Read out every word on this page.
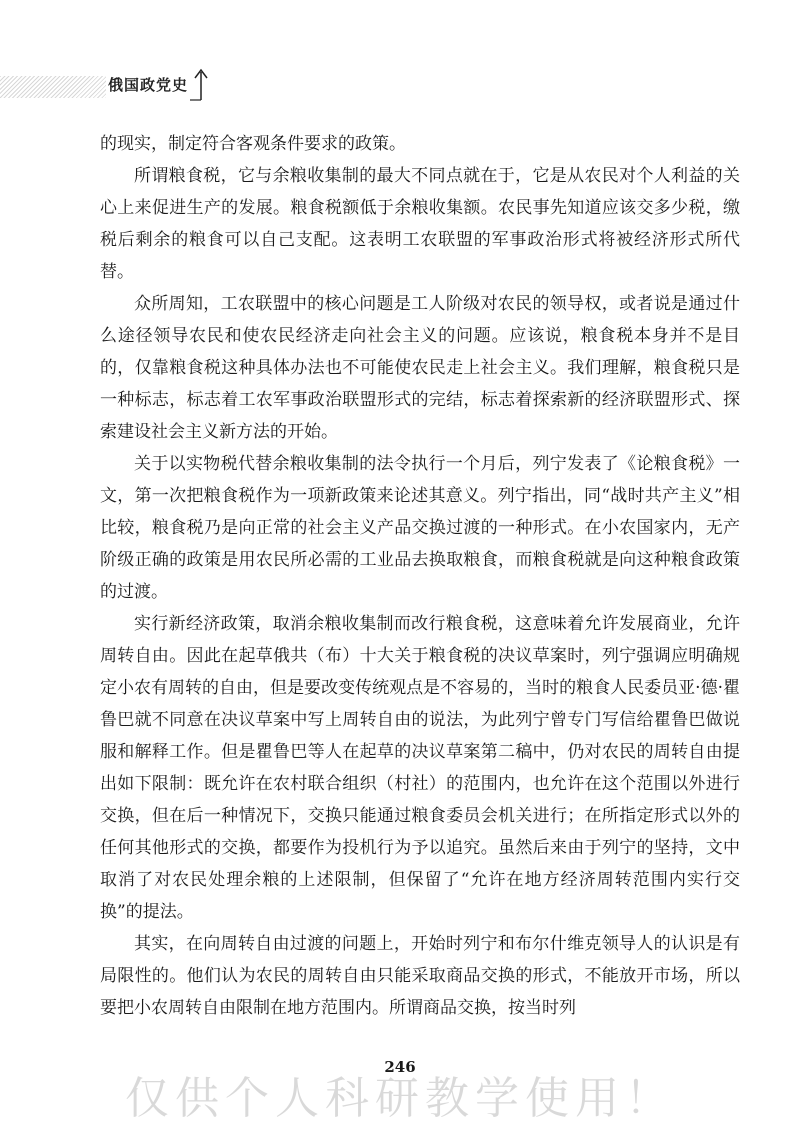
俄国政党史

的现实，制定符合客观条件要求的政策。

所谓粮食税，它与余粮收集制的最大不同点就在于，它是从农民对个人利益的关心上来促进生产的发展。粮食税额低于余粮收集额。农民事先知道应该交多少税，缴税后剩余的粮食可以自己支配。这表明工农联盟的军事政治形式将被经济形式所代替。

众所周知，工农联盟中的核心问题是工人阶级对农民的领导权，或者说是通过什么途径领导农民和使农民经济走向社会主义的问题。应该说，粮食税本身并不是目的，仅靠粮食税这种具体办法也不可能使农民走上社会主义。我们理解，粮食税只是一种标志，标志着工农军事政治联盟形式的完结，标志着探索新的经济联盟形式、探索建设社会主义新方法的开始。

关于以实物税代替余粮收集制的法令执行一个月后，列宁发表了《论粮食税》一文，第一次把粮食税作为一项新政策来论述其意义。列宁指出，同“战时共产主义”相比较，粮食税乃是向正常的社会主义产品交换过渡的一种形式。在小农国家内，无产阶级正确的政策是用农民所必需的工业品去换取粮食，而粮食税就是向这种粮食政策的过渡。

实行新经济政策，取消余粮收集制而改行粮食税，这意味着允许发展商业，允许周转自由。因此在起草俄共（布）十大关于粮食税的决议草案时，列宁强调应明确规定小农有周转的自由，但是要改变传统观点是不容易的，当时的粮食人民委员亚·德·瞿鲁巴就不同意在决议草案中写上周转自由的说法，为此列宁曾专门写信给瞿鲁巴做说服和解释工作。但是瞿鲁巴等人在起草的决议草案第二稿中，仍对农民的周转自由提出如下限制：既允许在农村联合组织（村社）的范围内，也允许在这个范围以外进行交换，但在后一种情况下，交换只能通过粮食委员会机关进行；在所指定形式以外的任何其他形式的交换，都要作为投机行为予以追究。虽然后来由于列宁的坚持，文中取消了对农民处理余粮的上述限制，但保留了“允许在地方经济周转范围内实行交换”的提法。

其实，在向周转自由过渡的问题上，开始时列宁和布尔什维克领导人的认识是有局限性的。他们认为农民的周转自由只能采取商品交换的形式，不能放开市场，所以要把小农周转自由限制在地方范围内。所谓商品交换，按当时列

246
仅供个人科研教学使用！
